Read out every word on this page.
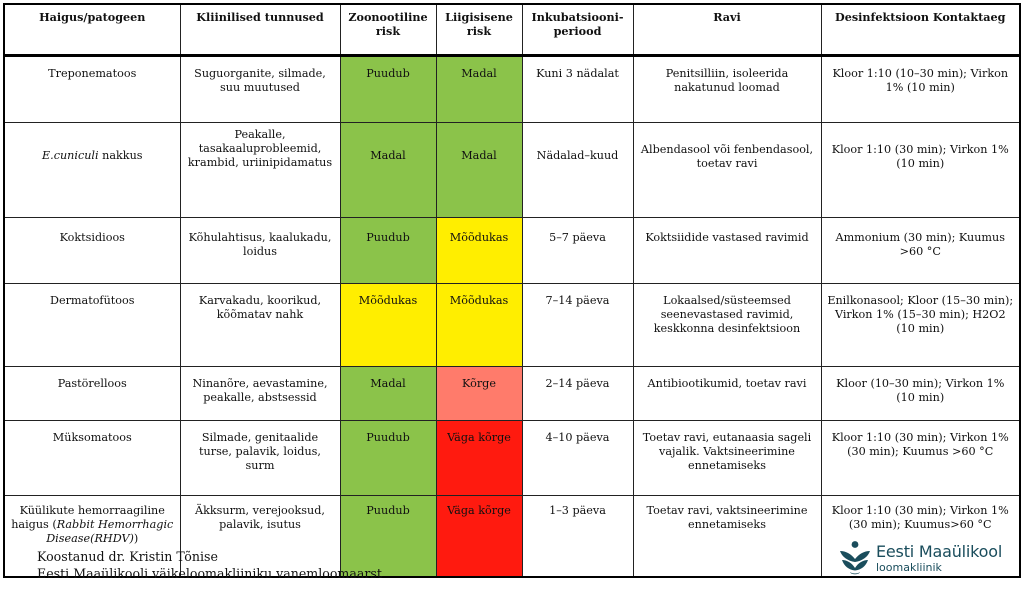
Haigus/patogeen	Kliinilised tunnused	Zoonootiline risk	Liigisisene risk	Inkubatsiooni-periood	Ravi	Desinfektsioon Kontaktaeg
Treponematoos	Suguorganite, silmade, suu muutused	Puudub	Madal	Kuni 3 nädalat	Penitsilliin, isoleerida nakatunud loomad	Kloor 1:10 (10–30 min); Virkon 1% (10 min)
E.cuniculi nakkus	Peakalle, tasakaaluprobleemid, krambid, uriinipidamatus	Madal	Madal	Nädalad–kuud	Albendasool või fenbendasool, toetav ravi	Kloor 1:10 (30 min); Virkon 1% (10 min)
Koktsidioos	Kõhulahtisus, kaalukadu, loidus	Puudub	Mõõdukas	5–7 päeva	Koktsiidide vastased ravimid	Ammonium (30 min); Kuumus >60 °C
Dermatofütoos	Karvakadu, koorikud, kõõmatav nahk	Mõõdukas	Mõõdukas	7–14 päeva	Lokaalsed/süsteemsed seenevastased ravimid, keskkonna desinfektsioon	Enilkonasool; Kloor (15–30 min); Virkon 1% (15–30 min); H2O2 (10 min)
Pastörelloos	Ninanõre, aevastamine, peakalle, abstsessid	Madal	Kõrge	2–14 päeva	Antibiootikumid, toetav ravi	Kloor (10–30 min); Virkon 1% (10 min)
Müksomatoos	Silmade, genitaalide turse, palavik, loidus, surm	Puudub	Väga kõrge	4–10 päeva	Toetav ravi, eutanaasia sageli vajalik. Vaktsineerimine ennetamiseks	Kloor 1:10 (30 min); Virkon 1% (30 min); Kuumus >60 °C
Küülikute hemorraagiline haigus (Rabbit Hemorrhagic Disease(RHDV))	Äkksurm, verejooksud, palavik, isutus	Puudub	Väga kõrge	1–3 päeva	Toetav ravi, vaktsineerimine ennetamiseks	Kloor 1:10 (30 min); Virkon 1% (30 min); Kuumus>60 °C
Koostanud dr. Kristin Tõnise
Eesti Maaülikooli väikeloomakliiniku vanemloomaarst
Eesti Maaülikool
loomakliinik
